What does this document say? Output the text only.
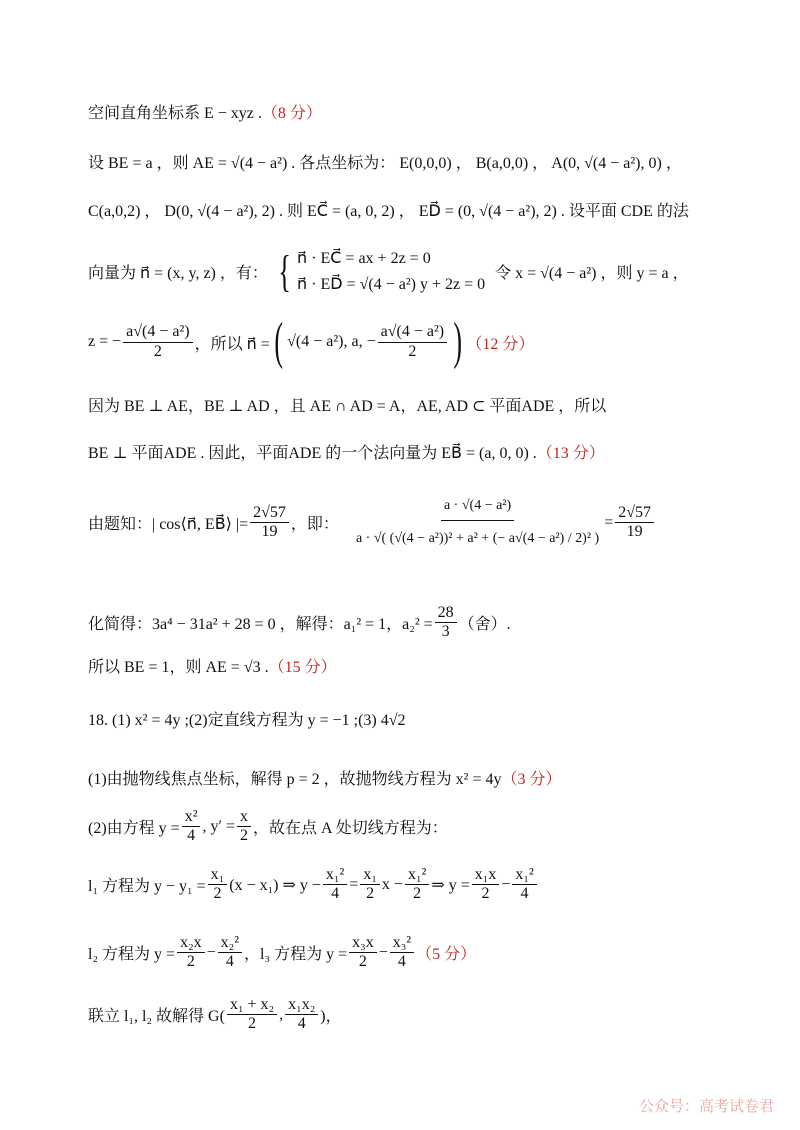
空间直角坐标系 E − xyz . （8 分）
设 BE = a ，则 AE = √(4 − a²) . 各点坐标为： E(0,0,0) ， B(a,0,0) ， A(0, √(4 − a²), 0) ，
C(a,0,2) ， D(0, √(4 − a²), 2) . 则 EC⃗ = (a, 0, 2) ， ED⃗ = (0, √(4 − a²), 2) . 设平面 CDE 的法
向量为 n⃗ = (x, y, z) ，有： { n⃗ · EC⃗ = ax + 2z = 0
n⃗ · ED⃗ = √(4 − a²) y + 2z = 0
令 x = √(4 − a²) ，则 y = a ，
z = − $\frac{\text{a√(4 − a²)}}{2}$ ，所以 n⃗ = ( √(4 − a²), a, − $\frac{\text{a√(4 − a²)}}{2}$ ) （12 分）
因为 BE ⊥ AE，BE ⊥ AD ，且 AE ∩ AD = A，AE, AD ⊂ 平面ADE ，所以
BE ⊥ 平面ADE . 因此，平面ADE 的一个法向量为 EB⃗ = (a, 0, 0) . （13 分）
由题知：| cos⟨n⃗, EB⃗⟩ |= $\frac{2√57}{19}$ ，即： $\frac{\text{a · √(4 − a²)}}{\text{a · √( (√(4 − a²))² + a² + (− a√(4 − a²) / 2)² )}} = \frac{2√57}{19}$
化简得：3a⁴ − 31a² + 28 = 0 ，解得：a₁² = 1，$a_2^2 = \frac{28}{3}$ （舍）.
所以 BE = 1，则 AE = √3 . （15 分）
18. (1) x² = 4y ;(2)定直线方程为 y = −1 ;(3) 4√2
(1)由抛物线焦点坐标，解得 p = 2 ，故抛物线方程为 x² = 4y （3 分）
(2)由方程 $y = \frac{\text{x²}}{4}$ , $y' = \frac{x}{2}$ ，故在点 A 处切线方程为：
l₁ 方程为 $y - y_1 = \frac{\text{x₁}}{2} (x - x_1)$ ⇒ $y - \frac{\text{x₁²}}{4} = \frac{\text{x₁}}{2}$ $x - \frac{\text{x₁²}}{2}$ ⇒ $y = \frac{\text{x₁x}}{2} - \frac{\text{x₁²}}{4}$
l₂ 方程为 $y = \frac{\text{x₂x}}{2} - \frac{\text{x₂²}}{4}$ ，l₃ 方程为 $y = \frac{\text{x₃x}}{2} - \frac{\text{x₃²}}{4} (5$ 分）
联立 l₁, l₂ 故解得 $G( \frac{\text{x₁ + x₂}}{2}$ , $\frac{\text{x₁x₂}}{4}$ )，
公众号：高考试卷君
